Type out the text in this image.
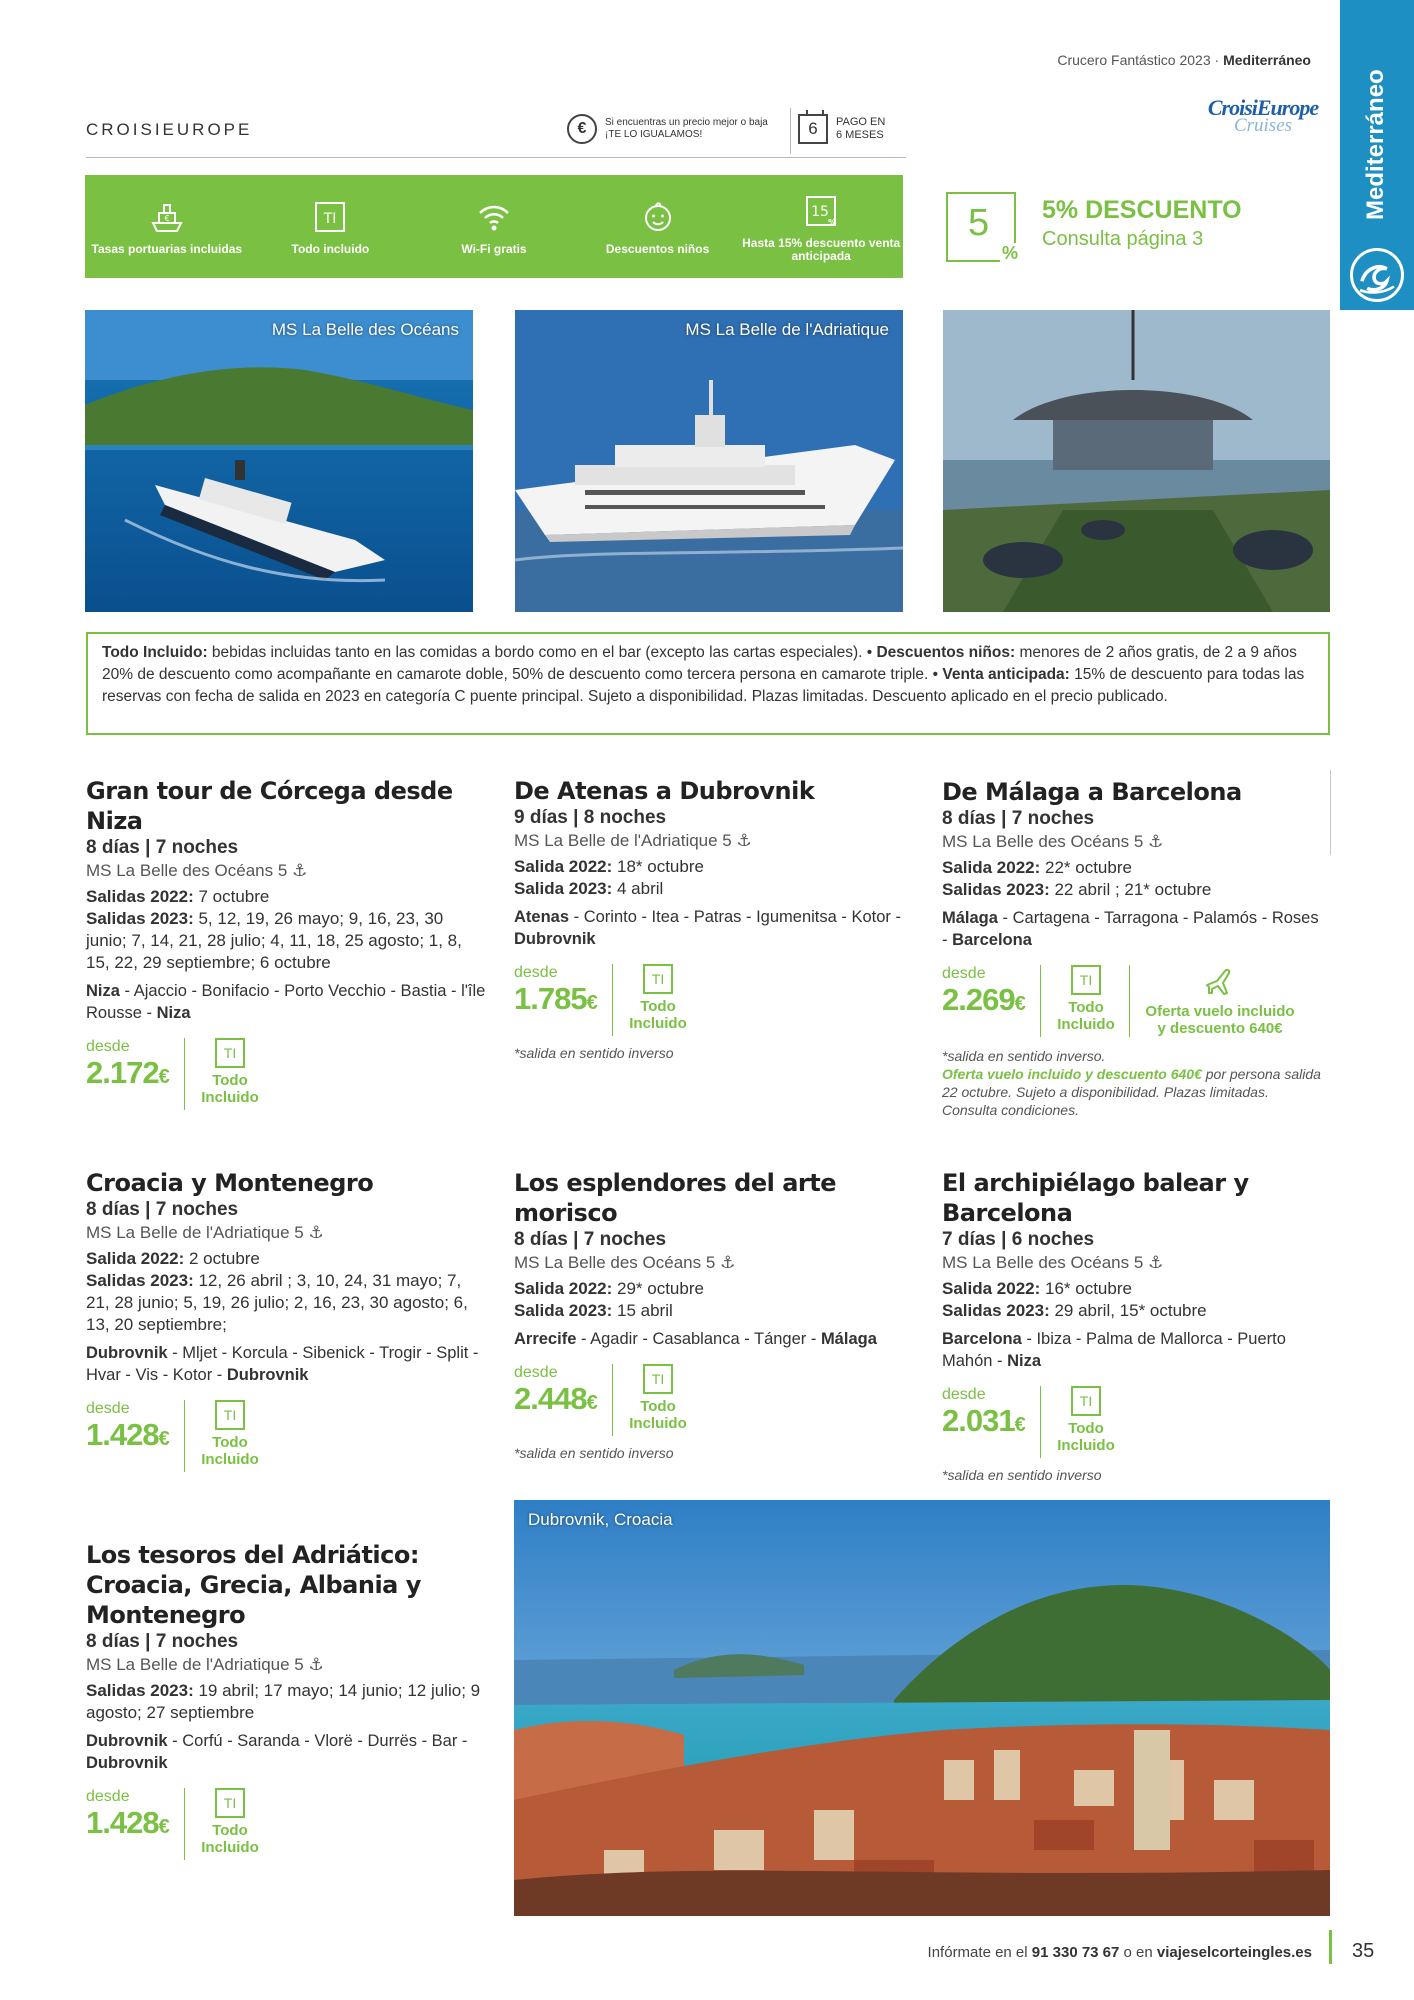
Crucero Fantástico 2023 · Mediterráneo
Mediterráneo
CROISIEUROPE	€	Si encuentras un precio mejor o baja ¡TE LO IGUALAMOS!	6	PAGO EN
6 MESES
CroisiEurope
Cruises
€
Tasas portuarias incluidas
TI
Todo incluido	Wi-Fi gratis	Descuentos niños
15
%
Hasta 15% descuento venta anticipada
5
%
5% DESCUENTO
Consulta página 3
MS La Belle des Océans	MS La Belle de l'Adriatique
Todo Incluido: bebidas incluidas tanto en las comidas a bordo como en el bar (excepto las cartas especiales). • Descuentos niños: menores de 2 años gratis, de 2 a 9 años 20% de descuento como acompañante en camarote doble, 50% de descuento como tercera persona en camarote triple. • Venta anticipada: 15% de descuento para todas las reservas con fecha de salida en 2023 en categoría C puente principal. Sujeto a disponibilidad. Plazas limitadas. Descuento aplicado en el precio publicado.
Gran tour de Córcega desde Niza
8 días | 7 noches
MS La Belle des Océans 5 ⚓
Salidas 2022: 7 octubre
Salidas 2023: 5, 12, 19, 26 mayo; 9, 16, 23, 30 junio; 7, 14, 21, 28 julio; 4, 11, 18, 25 agosto; 1, 8, 15, 22, 29 septiembre; 6 octubre
Niza - Ajaccio - Bonifacio - Porto Vecchio - Bastia - l'île Rousse - Niza
desde
2.172€
TI
Todo
Incluido
De Atenas a Dubrovnik
9 días | 8 noches
MS La Belle de l'Adriatique 5 ⚓
Salida 2022: 18* octubre
Salida 2023: 4 abril
Atenas - Corinto - Itea - Patras - Igumenitsa - Kotor - Dubrovnik
desde
1.785€
TI
Todo
Incluido
*salida en sentido inverso
De Málaga a Barcelona
8 días | 7 noches
MS La Belle des Océans 5 ⚓
Salida 2022: 22* octubre
Salidas 2023: 22 abril ; 21* octubre
Málaga - Cartagena - Tarragona - Palamós - Roses - Barcelona
desde
2.269€
TI
Todo
Incluido
Oferta vuelo incluido y descuento 640€
*salida en sentido inverso.
Oferta vuelo incluido y descuento 640€ por persona salida 22 octubre. Sujeto a disponibilidad. Plazas limitadas. Consulta condiciones.
Croacia y Montenegro
8 días | 7 noches
MS La Belle de l'Adriatique 5 ⚓
Salida 2022: 2 octubre
Salidas 2023: 12, 26 abril ; 3, 10, 24, 31 mayo; 7, 21, 28 junio; 5, 19, 26 julio; 2, 16, 23, 30 agosto; 6, 13, 20 septiembre;
Dubrovnik - Mljet - Korcula - Sibenick - Trogir - Split - Hvar - Vis - Kotor - Dubrovnik
desde
1.428€
TI
Todo
Incluido
Los esplendores del arte morisco
8 días | 7 noches
MS La Belle des Océans 5 ⚓
Salida 2022: 29* octubre
Salida 2023: 15 abril
Arrecife - Agadir - Casablanca - Tánger - Málaga
desde
2.448€
TI
Todo
Incluido
*salida en sentido inverso
El archipiélago balear y Barcelona
7 días | 6 noches
MS La Belle des Océans 5 ⚓
Salida 2022: 16* octubre
Salidas 2023: 29 abril, 15* octubre
Barcelona - Ibiza - Palma de Mallorca - Puerto Mahón - Niza
desde
2.031€
TI
Todo
Incluido
*salida en sentido inverso
Los tesoros del Adriático: Croacia, Grecia, Albania y Montenegro
8 días | 7 noches
MS La Belle de l'Adriatique 5 ⚓
Salidas 2023: 19 abril; 17 mayo; 14 junio; 12 julio; 9 agosto; 27 septiembre
Dubrovnik - Corfú - Saranda - Vlorë - Durrës - Bar - Dubrovnik
desde
1.428€
TI
Todo
Incluido
Dubrovnik, Croacia
Infórmate en el 91 330 73 67 o en viajeselcorteingles.es 35
